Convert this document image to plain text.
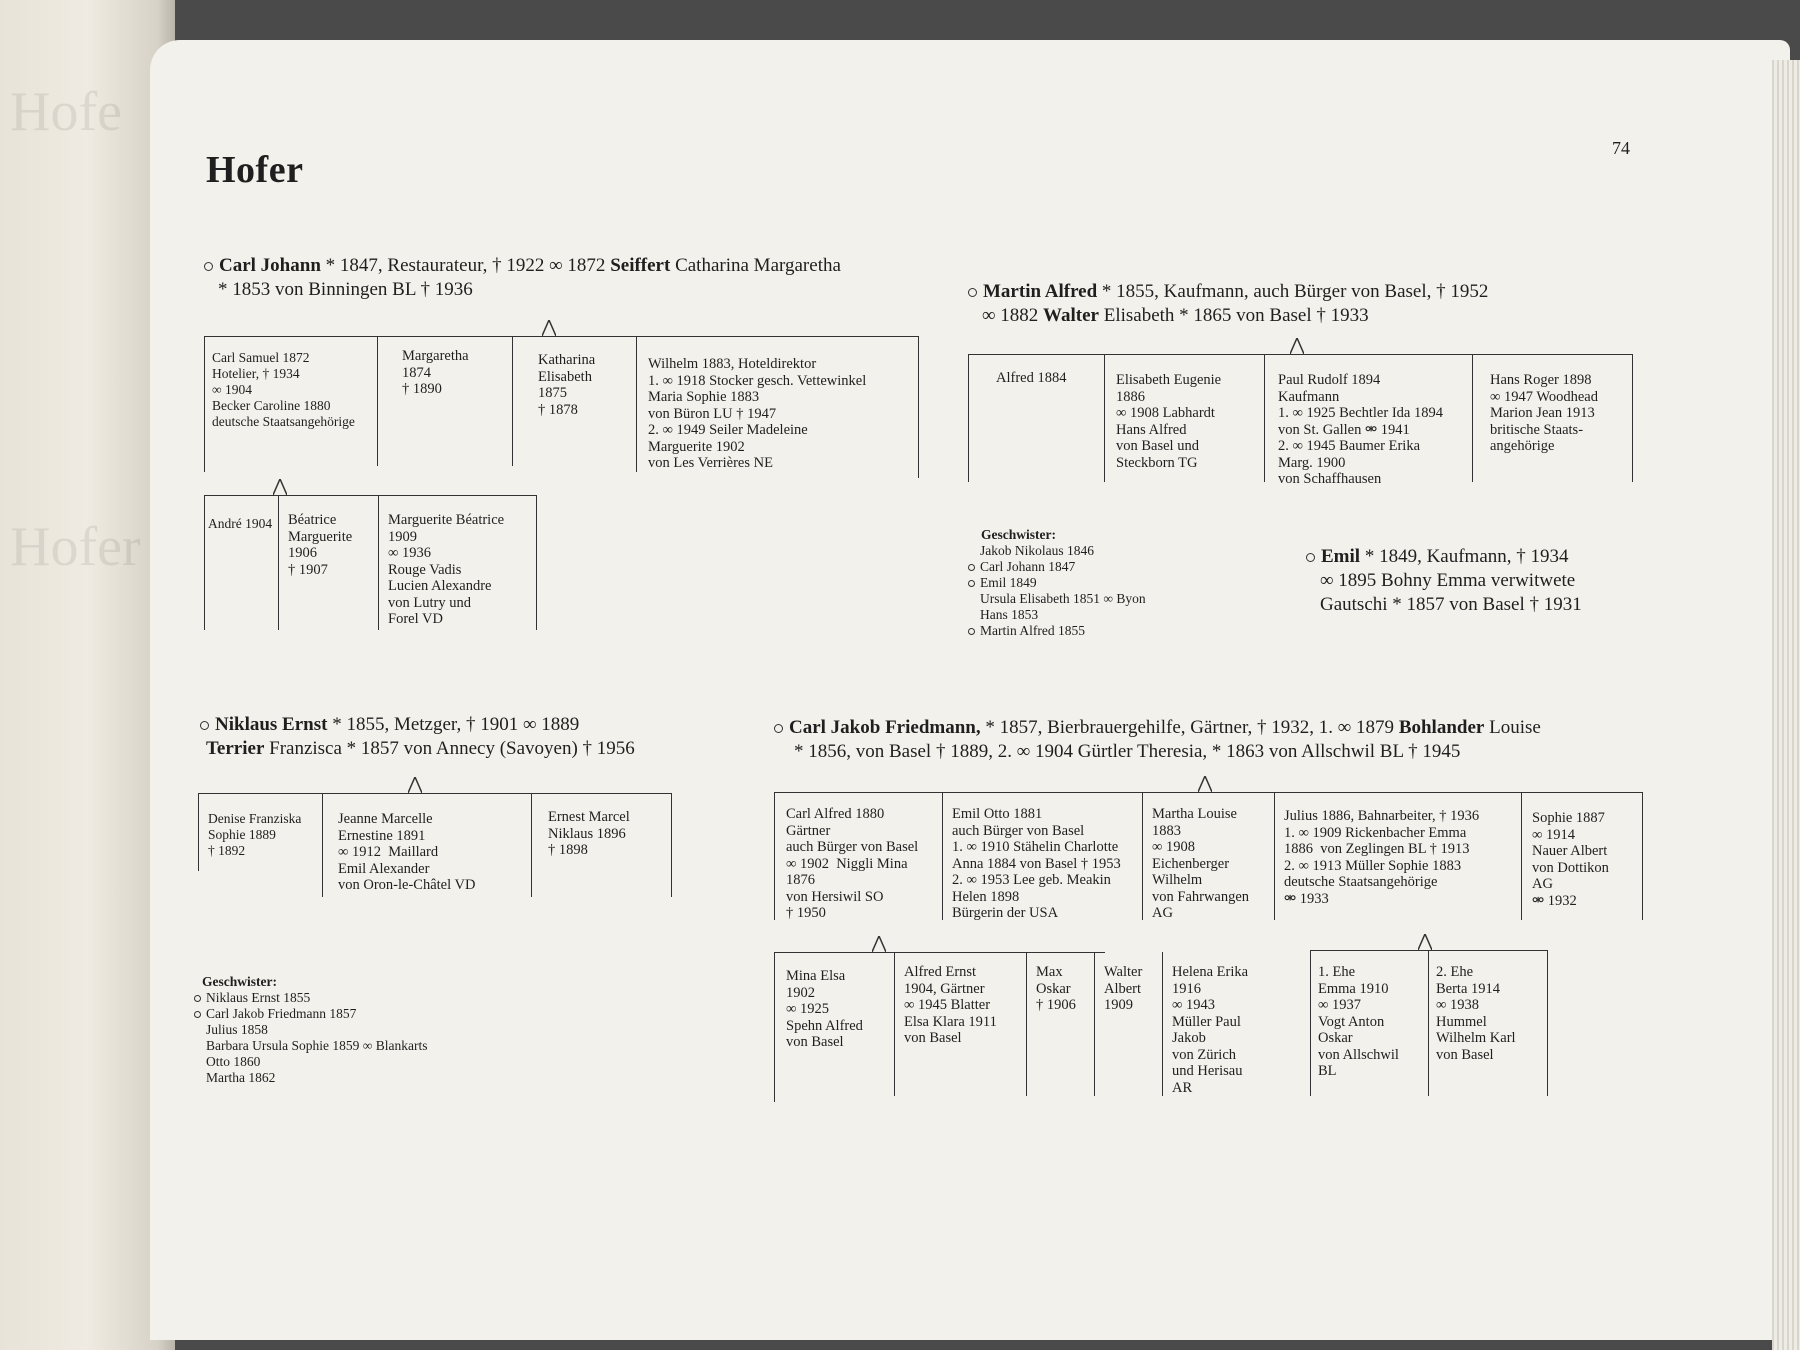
Hofe
Hofer
Hofer
74
Carl Johann * 1847, Restaurateur, † 1922 ∞ 1872 Seiffert Catharina Margaretha
* 1853 von Binningen BL † 1936
Carl Samuel 1872
Hotelier, † 1934
∞ 1904
Becker Caroline 1880
deutsche Staatsangehörige
Margaretha
1874
† 1890
Katharina
Elisabeth
1875
† 1878
Wilhelm 1883, Hoteldirektor
1. ∞ 1918 Stocker gesch. Vettewinkel
Maria Sophie 1883
von Büron LU † 1947
2. ∞ 1949 Seiler Madeleine
Marguerite 1902
von Les Verrières NE
André 1904 Béatrice
Marguerite
1906
† 1907
Marguerite Béatrice
1909
∞ 1936
Rouge Vadis
Lucien Alexandre
von Lutry und
Forel VD
Martin Alfred * 1855, Kaufmann, auch Bürger von Basel, † 1952
∞ 1882 Walter Elisabeth * 1865 von Basel † 1933
Alfred 1884	Elisabeth Eugenie
1886
∞ 1908 Labhardt
Hans Alfred
von Basel und
Steckborn TG
Paul Rudolf 1894
Kaufmann
1. ∞ 1925 Bechtler Ida 1894
von St. Gallen ⚮ 1941
2. ∞ 1945 Baumer Erika
Marg. 1900
von Schaffhausen
Hans Roger 1898
∞ 1947 Woodhead
Marion Jean 1913
britische Staats-
angehörige
Geschwister:
Jakob Nikolaus 1846
Carl Johann 1847
Emil 1849
Ursula Elisabeth 1851 ∞ Byon
Hans 1853
Martin Alfred 1855
Emil * 1849, Kaufmann, † 1934
∞ 1895 Bohny Emma verwitwete
Gautschi * 1857 von Basel † 1931
Niklaus Ernst * 1855, Metzger, † 1901 ∞ 1889
Terrier Franzisca * 1857 von Annecy (Savoyen) † 1956
Denise Franziska
Sophie 1889
† 1892
Jeanne Marcelle
Ernestine 1891
∞ 1912  Maillard
Emil Alexander
von Oron-le-Châtel VD
Ernest Marcel
Niklaus 1896
† 1898
Geschwister:
Niklaus Ernst 1855
Carl Jakob Friedmann 1857
Julius 1858
Barbara Ursula Sophie 1859 ∞ Blankarts
Otto 1860
Martha 1862
Carl Jakob Friedmann, * 1857, Bierbrauergehilfe, Gärtner, † 1932, 1. ∞ 1879 Bohlander Louise
* 1856, von Basel † 1889, 2. ∞ 1904 Gürtler Theresia, * 1863 von Allschwil BL † 1945
Carl Alfred 1880
Gärtner
auch Bürger von Basel
∞ 1902  Niggli Mina
1876
von Hersiwil SO
† 1950
Emil Otto 1881
auch Bürger von Basel
1. ∞ 1910 Stähelin Charlotte
Anna 1884 von Basel † 1953
2. ∞ 1953 Lee geb. Meakin
Helen 1898
Bürgerin der USA
Martha Louise
1883
∞ 1908
Eichenberger
Wilhelm
von Fahrwangen
AG
Julius 1886, Bahnarbeiter, † 1936
1. ∞ 1909 Rickenbacher Emma
1886  von Zeglingen BL † 1913
2. ∞ 1913 Müller Sophie 1883
deutsche Staatsangehörige
⚮ 1933
Sophie 1887
∞ 1914
Nauer Albert
von Dottikon
AG
⚮ 1932
Mina Elsa
1902
∞ 1925
Spehn Alfred
von Basel
Alfred Ernst
1904, Gärtner
∞ 1945 Blatter
Elsa Klara 1911
von Basel
Max
Oskar
† 1906
Walter
Albert
1909
Helena Erika
1916
∞ 1943
Müller Paul
Jakob
von Zürich
und Herisau
AR
1. Ehe
Emma 1910
∞ 1937
Vogt Anton
Oskar
von Allschwil
BL
2. Ehe
Berta 1914
∞ 1938
Hummel
Wilhelm Karl
von Basel
